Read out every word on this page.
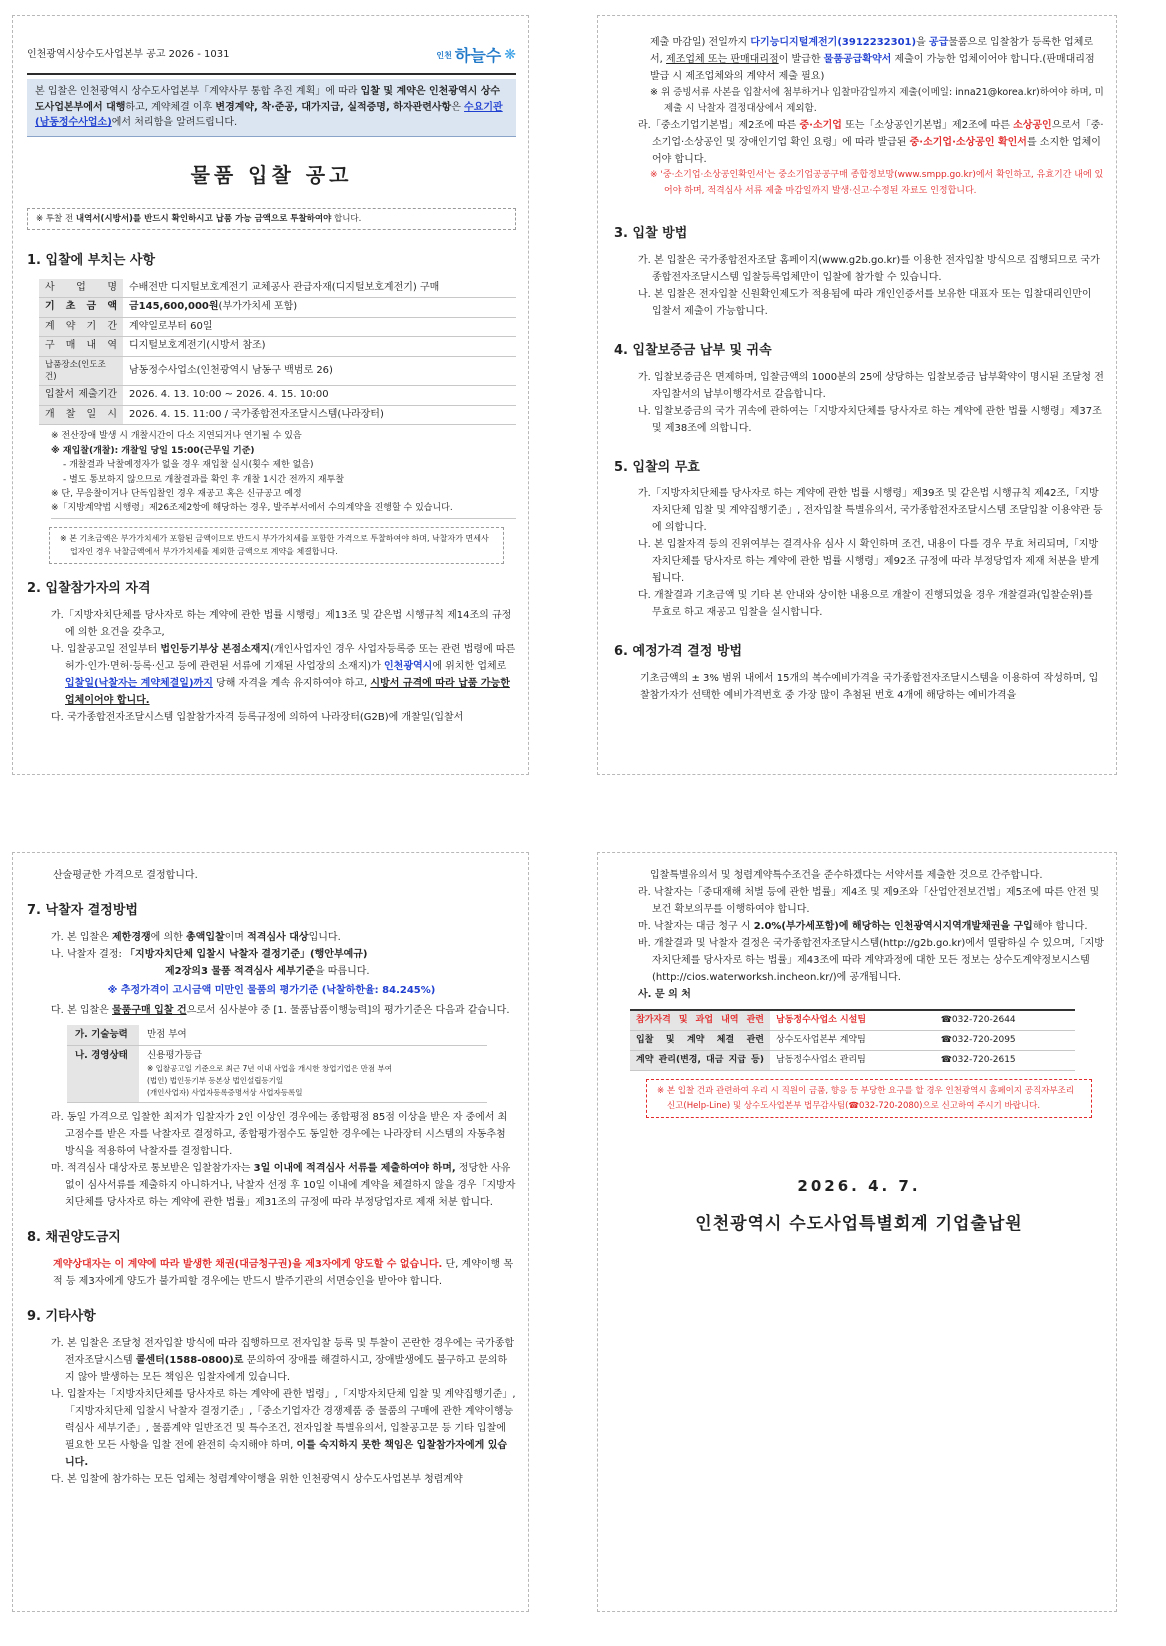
인천광역시상수도사업본부 공고 2026 - 1031	인천 하늘수 ❋
본 입찰은 인천광역시 상수도사업본부「계약사무 통합 추진 계획」에 따라 입찰 및 계약은 인천광역시 상수도사업본부에서 대행하고, 계약체결 이후 변경계약, 착·준공, 대가지급, 실적증명, 하자관련사항은 수요기관(남동정수사업소)에서 처리함을 알려드립니다.
물품 입찰 공고
※ 투찰 전 내역서(시방서)를 반드시 확인하시고 납품 가능 금액으로 투찰하여야 합니다.
1. 입찰에 부치는 사항
사 업 명	수배전반 디지털보호계전기 교체공사 관급자재(디지털보호계전기) 구매
기 초 금 액	금145,600,000원(부가가치세 포함)
계 약 기 간	계약일로부터 60일
구 매 내 역	디지털보호계전기(시방서 참조)
납품장소(인도조건)	남동정수사업소(인천광역시 남동구 백범로 26)
입찰서 제출기간	2026. 4. 13. 10:00 ~ 2026. 4. 15. 10:00
개 찰 일 시	2026. 4. 15. 11:00 / 국가종합전자조달시스템(나라장터)
※ 전산장애 발생 시 개찰시간이 다소 지연되거나 연기될 수 있음
※ 재입찰(개찰): 개찰일 당일 15:00(근무일 기준)
- 개찰결과 낙찰예정자가 없을 경우 재입찰 실시(횟수 제한 없음)
- 별도 통보하지 않으므로 개찰결과를 확인 후 개찰 1시간 전까지 재투찰
※ 단, 무응찰이거나 단독입찰인 경우 재공고 혹은 신규공고 예정
※「지방계약법 시행령」제26조제2항에 해당하는 경우, 발주부서에서 수의계약을 진행할 수 있습니다.
※ 본 기초금액은 부가가치세가 포함된 금액이므로 반드시 부가가치세를 포함한 가격으로 투찰하여야 하며, 낙찰자가 면세사업자인 경우 낙찰금액에서 부가가치세를 제외한 금액으로 계약을 체결합니다.
2. 입찰참가자의 자격
가.「지방자치단체를 당사자로 하는 계약에 관한 법률 시행령」제13조 및 같은법 시행규칙 제14조의 규정에 의한 요건을 갖추고,
나. 입찰공고일 전일부터 법인등기부상 본점소재지(개인사업자인 경우 사업자등록증 또는 관련 법령에 따른 허가·인가·면허·등록·신고 등에 관련된 서류에 기재된 사업장의 소재지)가 인천광역시에 위치한 업체로 입찰일(낙찰자는 계약체결일)까지 당해 자격을 계속 유지하여야 하고, 시방서 규격에 따라 납품 가능한 업체이어야 합니다.
다. 국가종합전자조달시스템 입찰참가자격 등록규정에 의하여 나라장터(G2B)에 개찰일(입찰서
제출 마감일) 전일까지 다기능디지털계전기(3912232301)을 공급물품으로 입찰참가 등록한 업체로서, 제조업체 또는 판매대리점이 발급한 물품공급확약서 제출이 가능한 업체이어야 합니다.(판매대리점 발급 시 제조업체와의 계약서 제출 필요)
※ 위 증빙서류 사본을 입찰서에 첨부하거나 입찰마감일까지 제출(이메일: inna21@korea.kr)하여야 하며, 미제출 시 낙찰자 결정대상에서 제외함.
라.「중소기업기본법」제2조에 따른 중·소기업 또는「소상공인기본법」제2조에 따른 소상공인으로서「중·소기업·소상공인 및 장애인기업 확인 요령」에 따라 발급된 중·소기업·소상공인 확인서를 소지한 업체이어야 합니다.
※ '중·소기업·소상공인확인서'는 중소기업공공구매 종합정보망(www.smpp.go.kr)에서 확인하고, 유효기간 내에 있어야 하며, 적격심사 서류 제출 마감일까지 발생·신고·수정된 자료도 인정합니다.
3. 입찰 방법
가. 본 입찰은 국가종합전자조달 홈페이지(www.g2b.go.kr)를 이용한 전자입찰 방식으로 집행되므로 국가종합전자조달시스템 입찰등록업체만이 입찰에 참가할 수 있습니다.
나. 본 입찰은 전자입찰 신원확인제도가 적용됨에 따라 개인인증서를 보유한 대표자 또는 입찰대리인만이 입찰서 제출이 가능합니다.
4. 입찰보증금 납부 및 귀속
가. 입찰보증금은 면제하며, 입찰금액의 1000분의 25에 상당하는 입찰보증금 납부확약이 명시된 조달청 전자입찰서의 납부이행각서로 갈음합니다.
나. 입찰보증금의 국가 귀속에 관하여는「지방자치단체를 당사자로 하는 계약에 관한 법률 시행령」제37조 및 제38조에 의합니다.
5. 입찰의 무효
가.「지방자치단체를 당사자로 하는 계약에 관한 법률 시행령」제39조 및 같은법 시행규칙 제42조,「지방자치단체 입찰 및 계약집행기준」, 전자입찰 특별유의서, 국가종합전자조달시스템 조달입찰 이용약관 등에 의합니다.
나. 본 입찰자격 등의 진위여부는 결격사유 심사 시 확인하며 조건, 내용이 다를 경우 무효 처리되며,「지방자치단체를 당사자로 하는 계약에 관한 법률 시행령」제92조 규정에 따라 부정당업자 제재 처분을 받게 됩니다.
다. 개찰결과 기초금액 및 기타 본 안내와 상이한 내용으로 개찰이 진행되었을 경우 개찰결과(입찰순위)를 무효로 하고 재공고 입찰을 실시합니다.
6. 예정가격 결정 방법
기초금액의 ± 3% 범위 내에서 15개의 복수예비가격을 국가종합전자조달시스템을 이용하여 작성하며, 입찰참가자가 선택한 예비가격번호 중 가장 많이 추첨된 번호 4개에 해당하는 예비가격을
산술평균한 가격으로 결정합니다.
7. 낙찰자 결정방법
가. 본 입찰은 제한경쟁에 의한 총액입찰이며 적격심사 대상입니다.
나. 낙찰자 결정: 「지방자치단체 입찰시 낙찰자 결정기준」(행안부예규)
제2장의3 물품 적격심사 세부기준을 따릅니다.
※ 추정가격이 고시금액 미만인 물품의 평가기준 (낙찰하한율: 84.245%)
다. 본 입찰은 물품구매 입찰 건으로서 심사분야 중 [1. 물품납품이행능력]의 평가기준은 다음과 같습니다.
가. 기술능력	만점 부여
나. 경영상태	신용평가등급
※ 입찰공고일 기준으로 최근 7년 이내 사업을 개시한 창업기업은 만점 부여
(법인) 법인등기부 등본상 법인설립등기일
(개인사업자) 사업자등록증명서상 사업자등록일
라. 동일 가격으로 입찰한 최저가 입찰자가 2인 이상인 경우에는 종합평점 85점 이상을 받은 자 중에서 최고점수를 받은 자를 낙찰자로 결정하고, 종합평가점수도 동일한 경우에는 나라장터 시스템의 자동추첨 방식을 적용하여 낙찰자를 결정합니다.
마. 적격심사 대상자로 통보받은 입찰참가자는 3일 이내에 적격심사 서류를 제출하여야 하며, 정당한 사유 없이 심사서류를 제출하지 아니하거나, 낙찰자 선정 후 10일 이내에 계약을 체결하지 않을 경우「지방자치단체를 당사자로 하는 계약에 관한 법률」제31조의 규정에 따라 부정당업자로 제재 처분 합니다.
8. 채권양도금지
계약상대자는 이 계약에 따라 발생한 채권(대금청구권)을 제3자에게 양도할 수 없습니다. 단, 계약이행 목적 등 제3자에게 양도가 불가피할 경우에는 반드시 발주기관의 서면승인을 받아야 합니다.
9. 기타사항
가. 본 입찰은 조달청 전자입찰 방식에 따라 집행하므로 전자입찰 등록 및 투찰이 곤란한 경우에는 국가종합전자조달시스템 콜센터(1588-0800)로 문의하여 장애를 해결하시고, 장애발생에도 불구하고 문의하지 않아 발생하는 모든 책임은 입찰자에게 있습니다.
나. 입찰자는「지방자치단체를 당사자로 하는 계약에 관한 법령」,「지방자치단체 입찰 및 계약집행기준」,「지방자치단체 입찰시 낙찰자 결정기준」,「중소기업자간 경쟁제품 중 물품의 구매에 관한 계약이행능력심사 세부기준」, 물품계약 일반조건 및 특수조건, 전자입찰 특별유의서, 입찰공고문 등 기타 입찰에 필요한 모든 사항을 입찰 전에 완전히 숙지해야 하며, 이를 숙지하지 못한 책임은 입찰참가자에게 있습니다.
다. 본 입찰에 참가하는 모든 업체는 청렴계약이행을 위한 인천광역시 상수도사업본부 청렴계약
입찰특별유의서 및 청렴계약특수조건을 준수하겠다는 서약서를 제출한 것으로 간주합니다.
라. 낙찰자는「중대재해 처벌 등에 관한 법률」제4조 및 제9조와「산업안전보건법」제5조에 따른 안전 및 보건 확보의무를 이행하여야 합니다.
마. 낙찰자는 대금 청구 시 2.0%(부가세포함)에 해당하는 인천광역시지역개발채권을 구입해야 합니다.
바. 개찰결과 및 낙찰자 결정은 국가종합전자조달시스템(http://g2b.go.kr)에서 열람하실 수 있으며,「지방자치단체를 당사자로 하는 법률」제43조에 따라 계약과정에 대한 모든 정보는 상수도계약정보시스템(http://cios.waterworksh.incheon.kr/)에 공개됩니다.
사. 문 의 처
참가자격 및 과업 내역 관련	남동정수사업소 시설팀	☎032-720-2644
입찰 및 계약 체결 관련	상수도사업본부 계약팀	☎032-720-2095
계약 관리(변경, 대금 지급 등)	남동정수사업소 관리팀	☎032-720-2615
※ 본 입찰 건과 관련하여 우리 시 직원이 금품, 향응 등 부당한 요구를 할 경우 인천광역시 홈페이지 공직자부조리신고(Help-Line) 및 상수도사업본부 법무감사팀(☎032-720-2080)으로 신고하여 주시기 바랍니다.
2026. 4. 7.
인천광역시 수도사업특별회계 기업출납원
